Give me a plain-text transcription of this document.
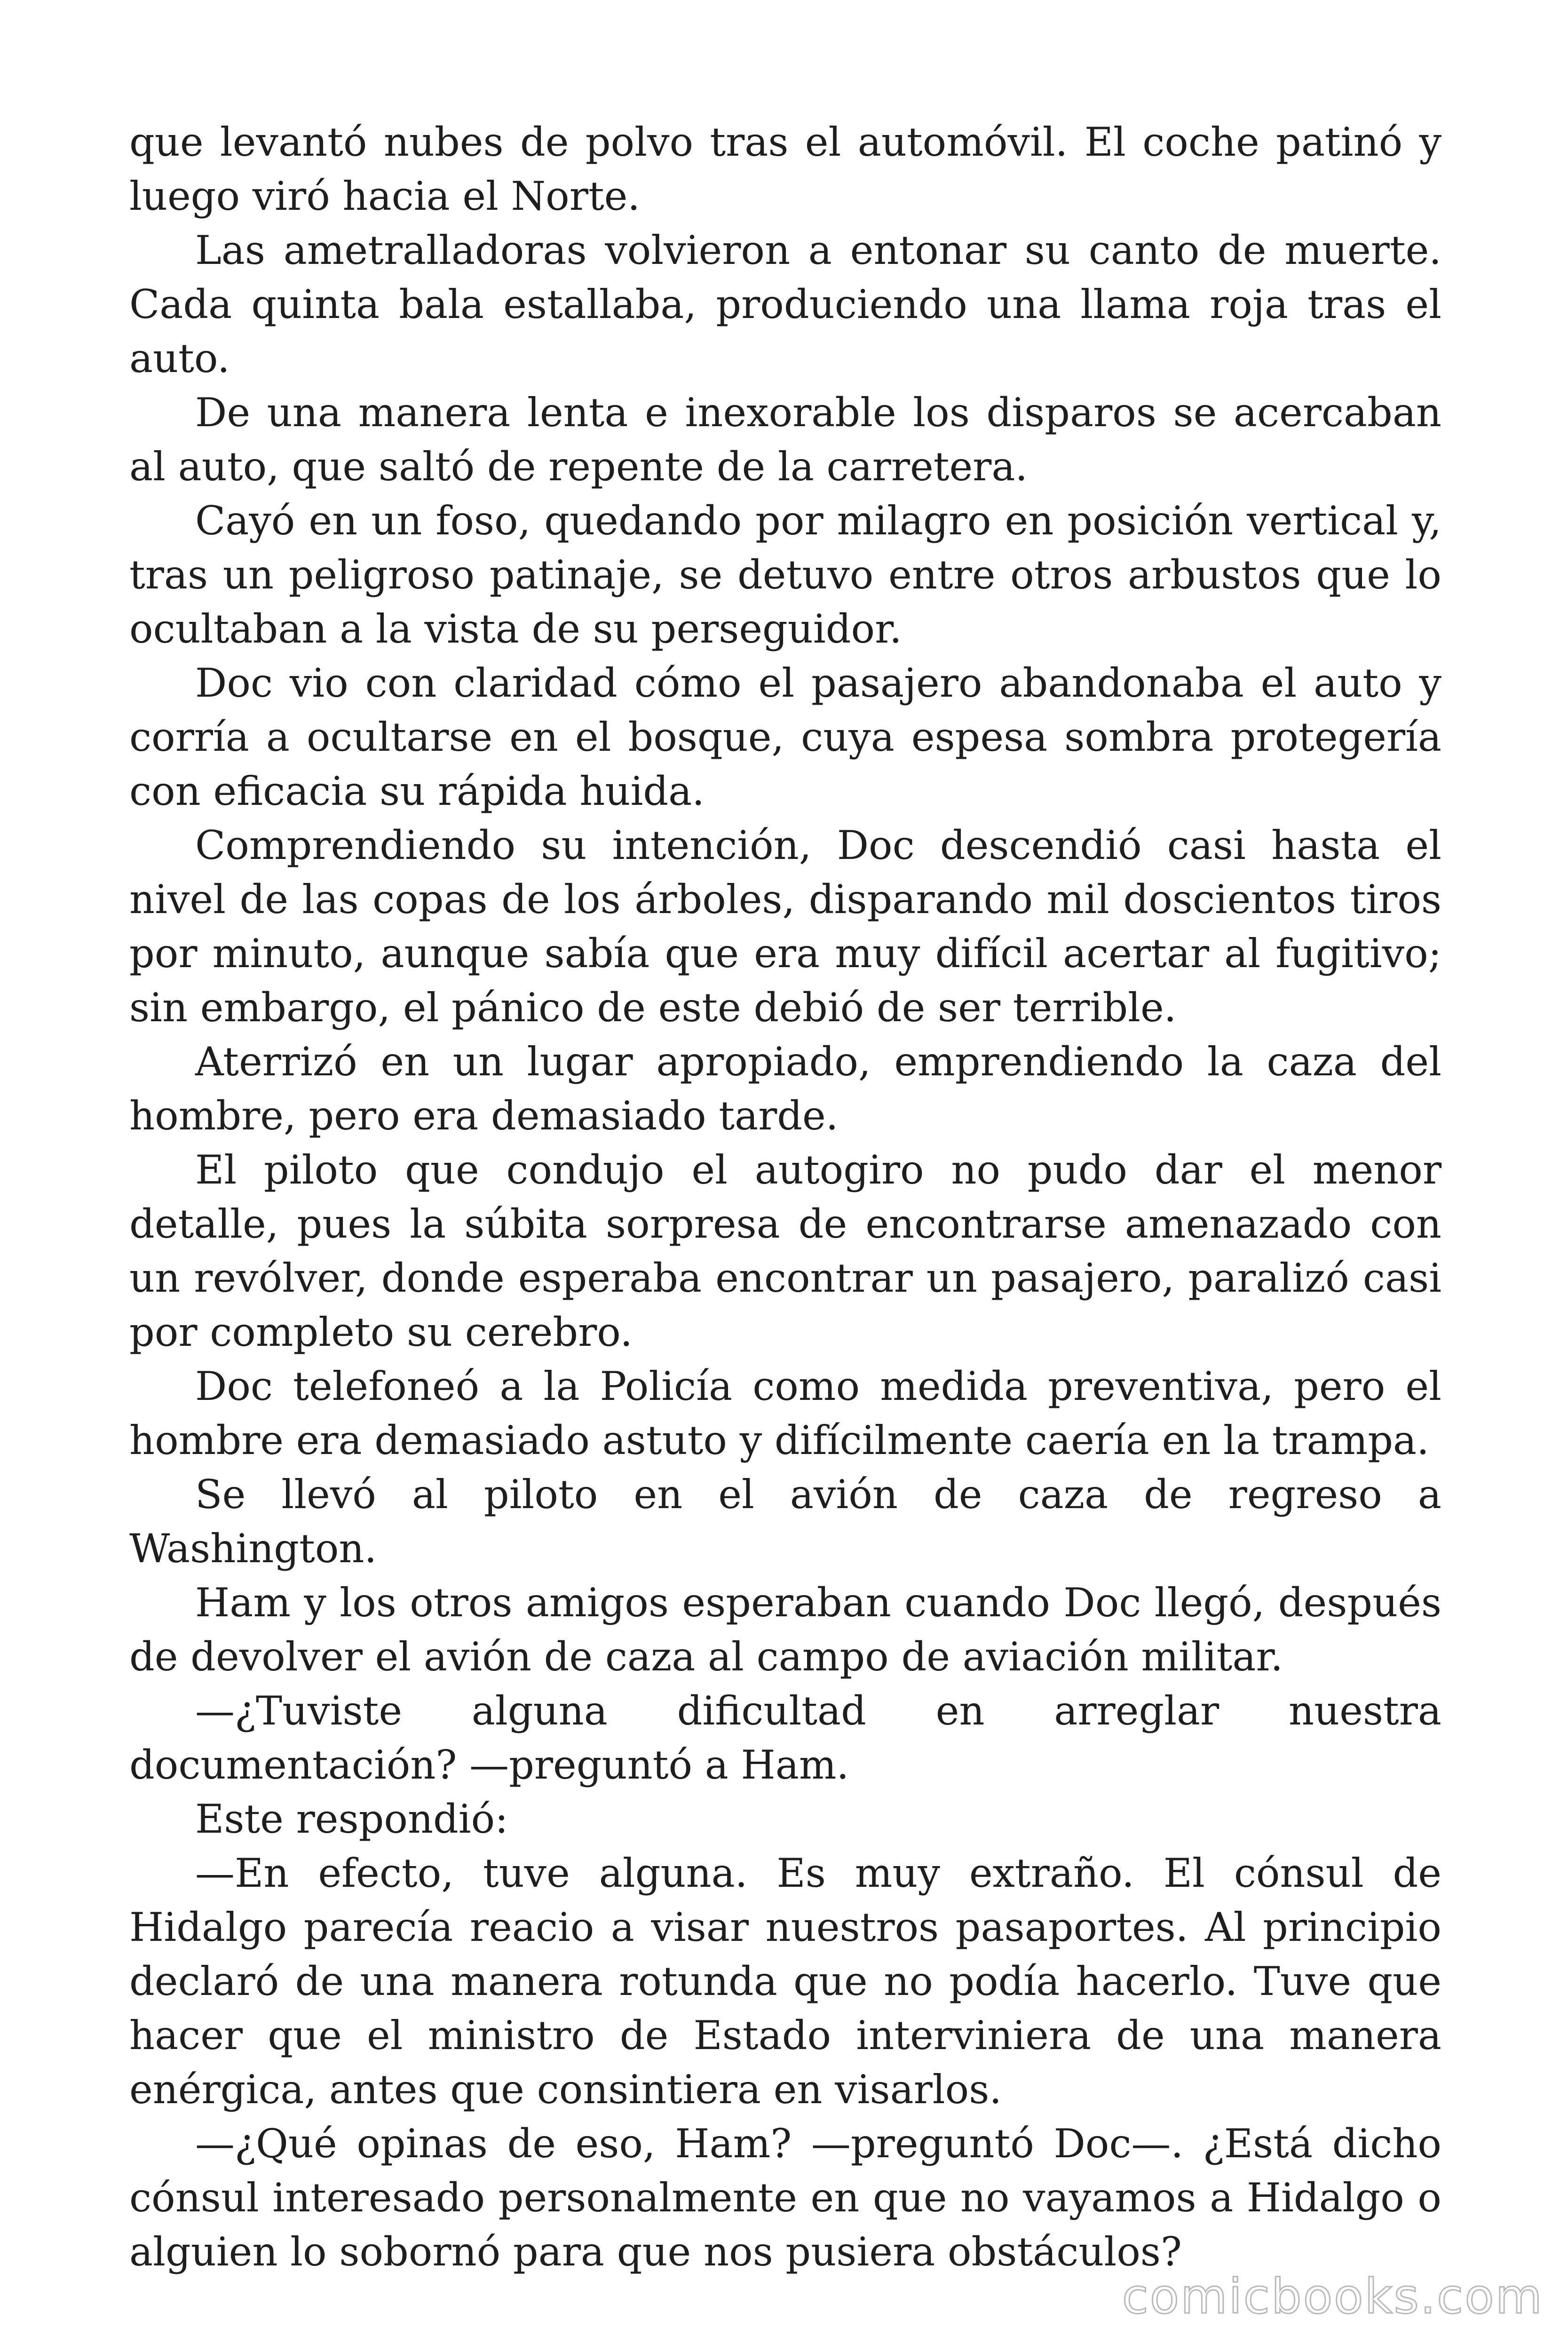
que levantó nubes de polvo tras el automóvil. El coche patinó y luego viró hacia el Norte.

Las ametralladoras volvieron a entonar su canto de muerte. Cada quinta bala estallaba, produciendo una llama roja tras el auto.

De una manera lenta e inexorable los disparos se acercaban al auto, que saltó de repente de la carretera.

Cayó en un foso, quedando por milagro en posición vertical y, tras un peligroso patinaje, se detuvo entre otros arbustos que lo ocultaban a la vista de su perseguidor.

Doc vio con claridad cómo el pasajero abandonaba el auto y corría a ocultarse en el bosque, cuya espesa sombra protegería con eficacia su rápida huida.

Comprendiendo su intención, Doc descendió casi hasta el nivel de las copas de los árboles, disparando mil doscientos tiros por minuto, aunque sabía que era muy difícil acertar al fugitivo; sin embargo, el pánico de este debió de ser terrible.

Aterrizó en un lugar apropiado, emprendiendo la caza del hombre, pero era demasiado tarde.

El piloto que condujo el autogiro no pudo dar el menor detalle, pues la súbita sorpresa de encontrarse amenazado con un revólver, donde esperaba encontrar un pasajero, paralizó casi por completo su cerebro.

Doc telefoneó a la Policía como medida preventiva, pero el hombre era demasiado astuto y difícilmente caería en la trampa.

Se llevó al piloto en el avión de caza de regreso a Washington.

Ham y los otros amigos esperaban cuando Doc llegó, después de devolver el avión de caza al campo de aviación militar.

—¿Tuviste alguna dificultad en arreglar nuestra documentación? —preguntó a Ham.

Este respondió:

—En efecto, tuve alguna. Es muy extraño. El cónsul de Hidalgo parecía reacio a visar nuestros pasaportes. Al principio declaró de una manera rotunda que no podía hacerlo. Tuve que hacer que el ministro de Estado interviniera de una manera enérgica, antes que consintiera en visarlos.

—¿Qué opinas de eso, Ham? —preguntó Doc—. ¿Está dicho cónsul interesado personalmente en que no vayamos a Hidalgo o alguien lo sobornó para que nos pusiera obstáculos?

comicbooks.com
